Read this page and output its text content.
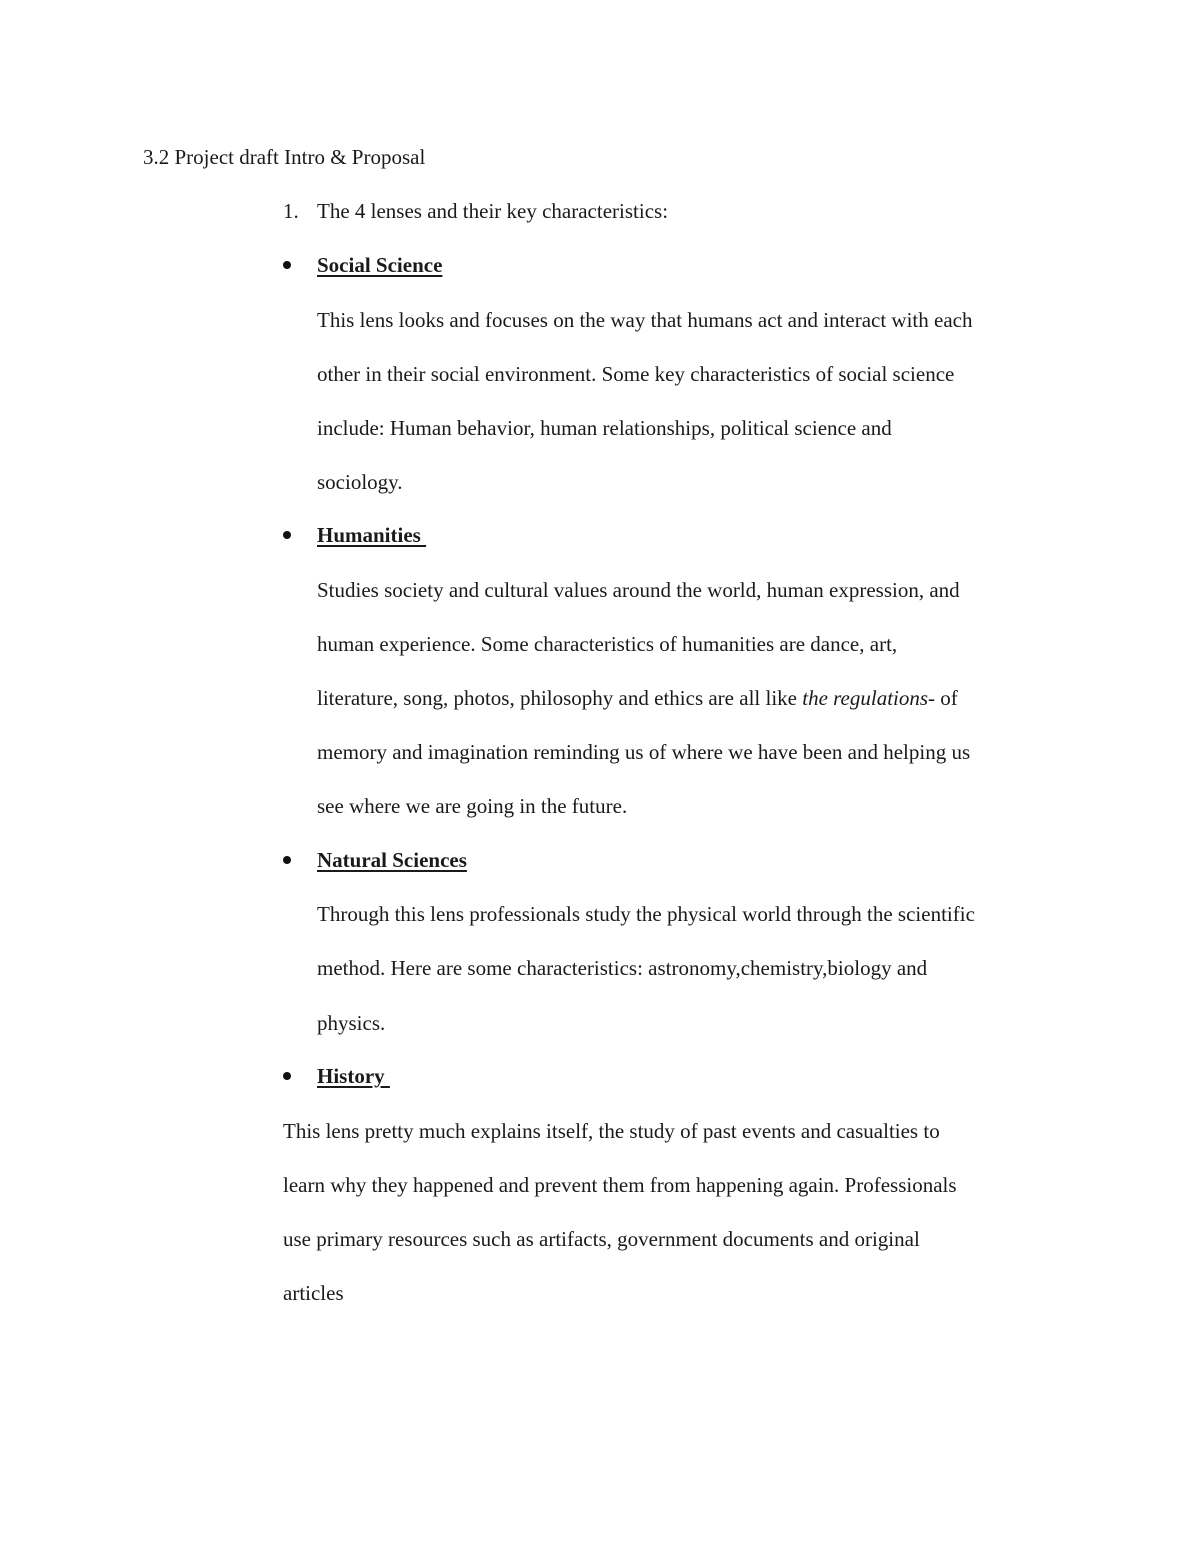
3.2 Project draft Intro & Proposal
1. The 4 lenses and their key characteristics:
Social Science
This lens looks and focuses on the way that humans act and interact with each
other in their social environment. Some key characteristics of social science
include: Human behavior, human relationships, political science and
sociology.
Humanities
Studies society and cultural values around the world, human expression, and
human experience. Some characteristics of humanities are dance, art,
literature, song, photos, philosophy and ethics are all like the regulations- of
memory and imagination reminding us of where we have been and helping us
see where we are going in the future.
Natural Sciences
Through this lens professionals study the physical world through the scientific
method. Here are some characteristics: astronomy,chemistry,biology and
physics.
History
This lens pretty much explains itself, the study of past events and casualties to
learn why they happened and prevent them from happening again. Professionals
use primary resources such as artifacts, government documents and original
articles
